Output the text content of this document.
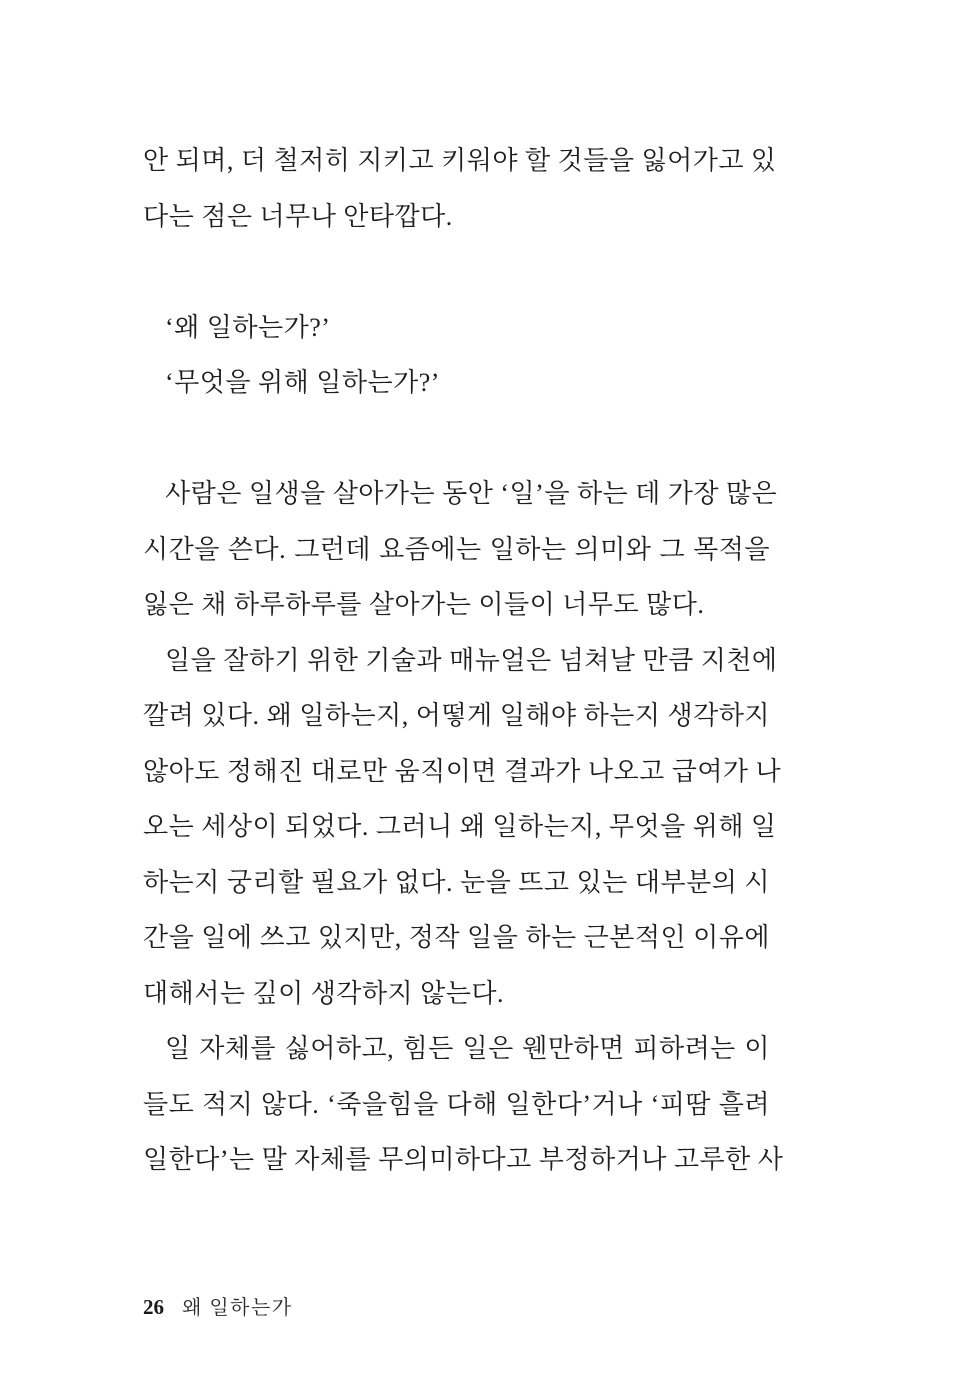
안 되며, 더 철저히 지키고 키워야 할 것들을 잃어가고 있
다는 점은 너무나 안타깝다.
‘왜 일하는가?’
‘무엇을 위해 일하는가?’
사람은 일생을 살아가는 동안 ‘일’을 하는 데 가장 많은
시간을 쓴다. 그런데 요즘에는 일하는 의미와 그 목적을
잃은 채 하루하루를 살아가는 이들이 너무도 많다.
일을 잘하기 위한 기술과 매뉴얼은 넘쳐날 만큼 지천에
깔려 있다. 왜 일하는지, 어떻게 일해야 하는지 생각하지
않아도 정해진 대로만 움직이면 결과가 나오고 급여가 나
오는 세상이 되었다. 그러니 왜 일하는지, 무엇을 위해 일
하는지 궁리할 필요가 없다. 눈을 뜨고 있는 대부분의 시
간을 일에 쓰고 있지만, 정작 일을 하는 근본적인 이유에
대해서는 깊이 생각하지 않는다.
일 자체를 싫어하고, 힘든 일은 웬만하면 피하려는 이
들도 적지 않다. ‘죽을힘을 다해 일한다’거나 ‘피땀 흘려
일한다’는 말 자체를 무의미하다고 부정하거나 고루한 사
26 왜 일하는가
